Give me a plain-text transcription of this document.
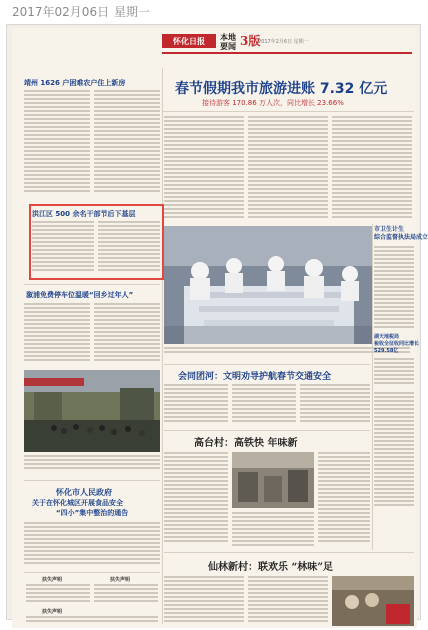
2017年02月06日 星期一
怀化日报	本地
要闻 3版
2017年2月6日 星期一
春节假期我市旅游进账 7.32 亿元
接待游客 170.86 万人次，同比增长 23.66%
靖州 1626 户困难农户住上新房
洪江区 500 余名干部节后下基层
市卫生计生
综合监督执法局成立
湖天地税局
稅收全征收同比增长
529.58亿
溆浦免费停车位温暖“回乡过年人”
会同团河：文明劝导护航春节交通安全
高台村：高铁快 年味新
怀化市人民政府
关于在怀化城区开展食品安全
“四小”集中整治的通告
扶失声明	扶失声明
扶失声明
仙林新村：联欢乐 “林味”足
